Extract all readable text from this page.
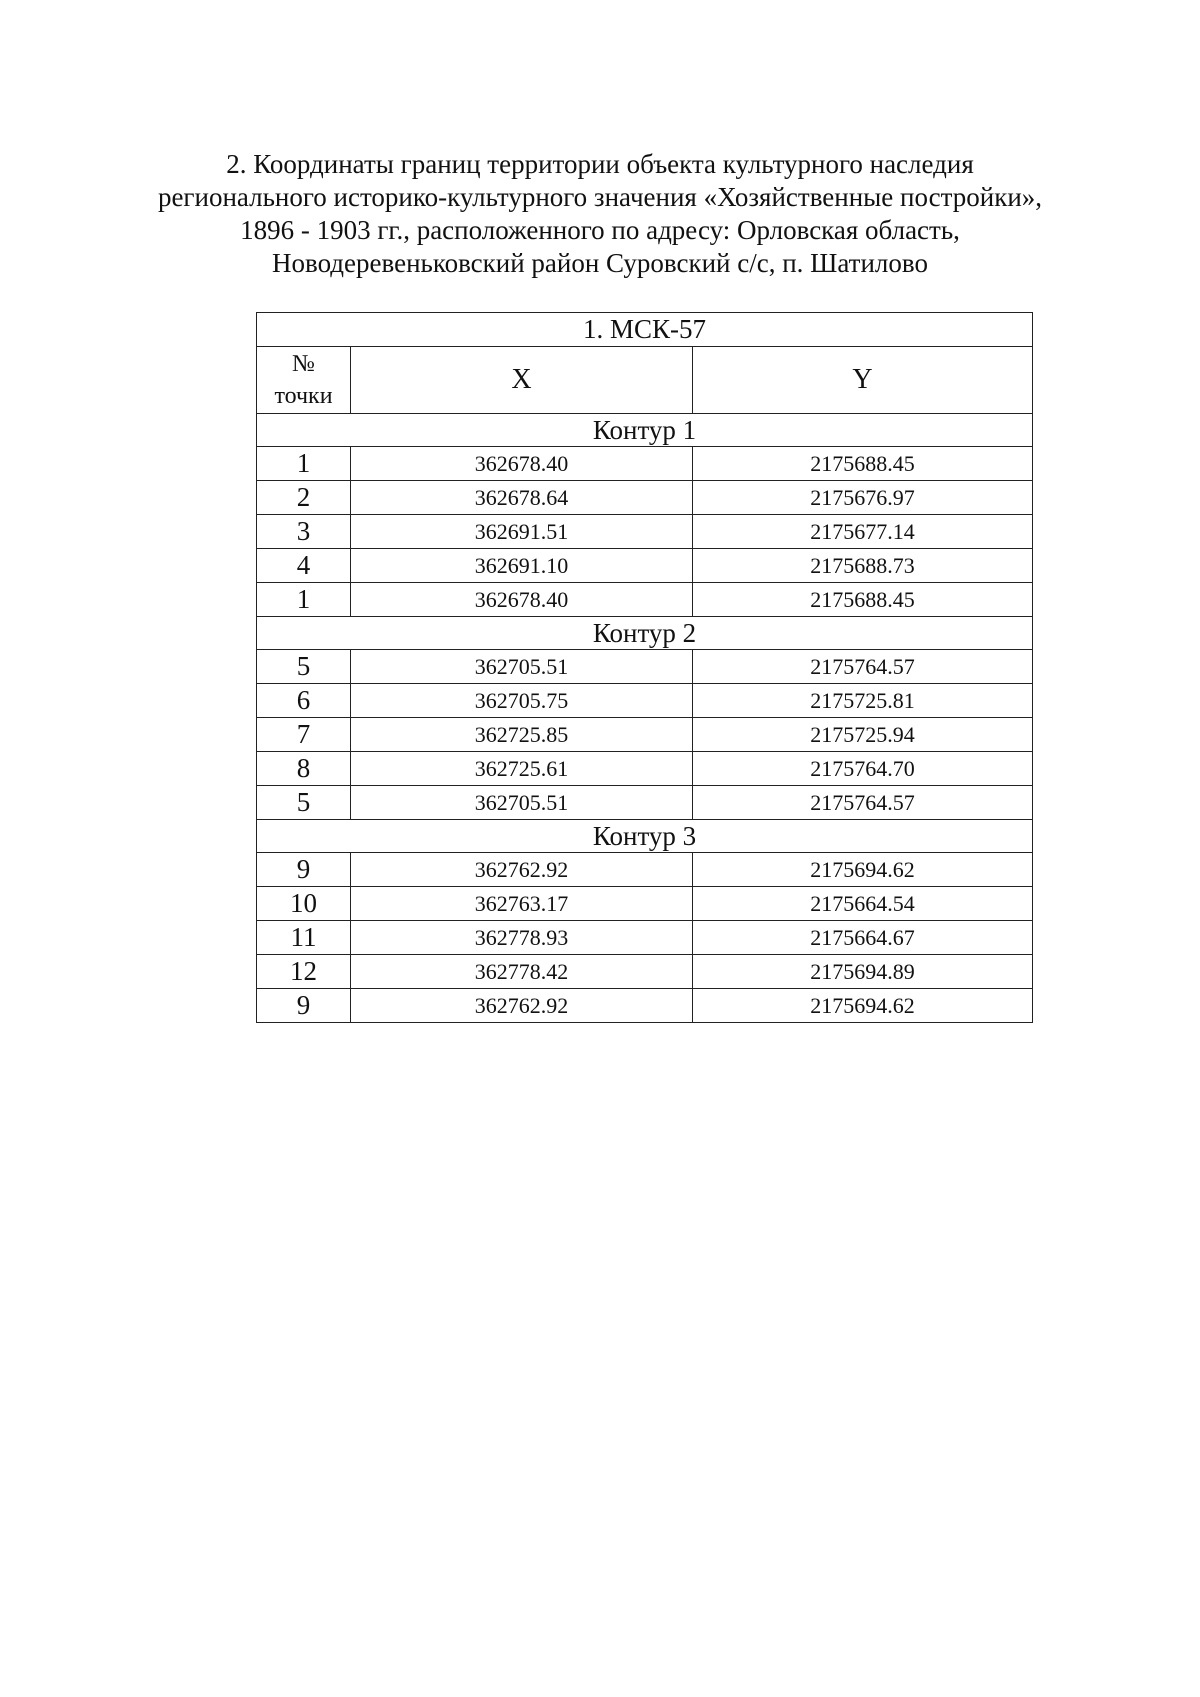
2. Координаты границ территории объекта культурного наследия
регионального историко-культурного значения «Хозяйственные постройки»,
1896 - 1903 гг., расположенного по адресу: Орловская область,
Новодеревеньковский район Суровский с/с, п. Шатилово
1. МСК-57		

№
точки	X	Y
Контур 1		
1	362678.40	2175688.45
2	362678.64	2175676.97
3	362691.51	2175677.14
4	362691.10	2175688.73
1	362678.40	2175688.45
Контур 2		
5	362705.51	2175764.57
6	362705.75	2175725.81
7	362725.85	2175725.94
8	362725.61	2175764.70
5	362705.51	2175764.57
Контур 3		
9	362762.92	2175694.62
10	362763.17	2175664.54
11	362778.93	2175664.67
12	362778.42	2175694.89
9	362762.92	2175694.62
